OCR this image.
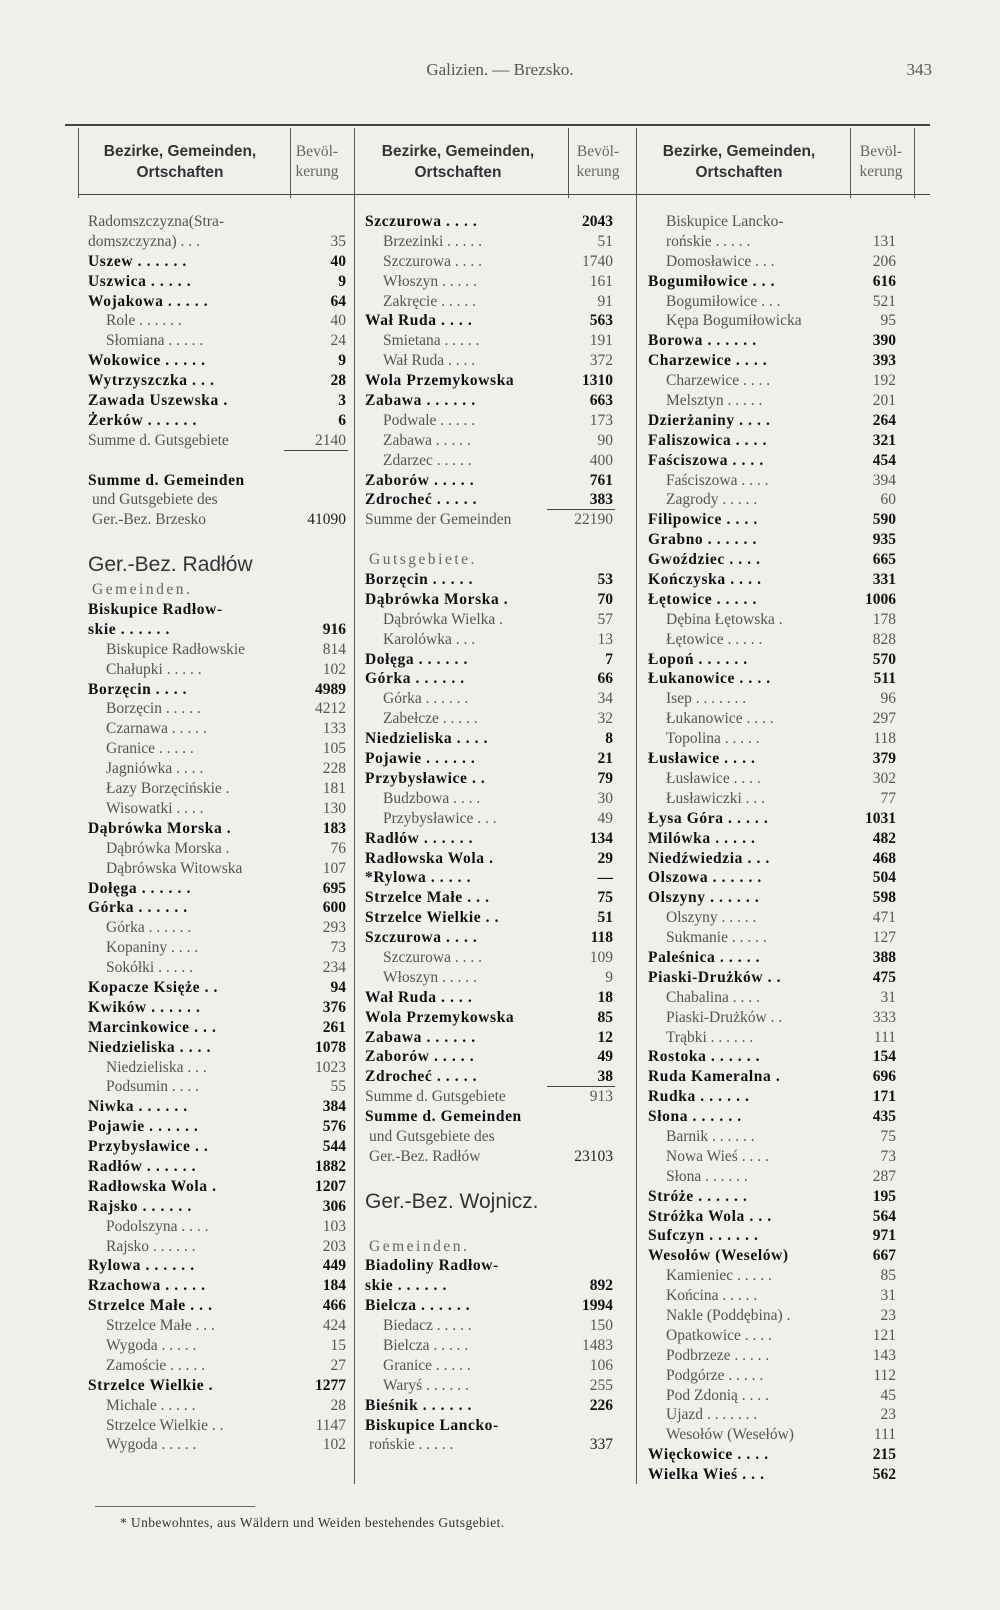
Galizien. — Brezsko.	343
Bezirke, Gemeinden, Ortschaften
Bevöl-kerung
Bezirke, Gemeinden, Ortschaften
Bevöl-kerung
Bezirke, Gemeinden, Ortschaften
Bevöl-kerung
Radomszczyzna(Stra-
domszczyzna) . . .	35
Uszew . . . . . .	40
Uszwica . . . . .	9
Wojakowa . . . . .	64
Role . . . . . .	40
Słomiana . . . . .	24
Wokowice . . . . .	9
Wytrzyszczka . . .	28
Zawada Uszewska .	3
Żerków . . . . . .	6
Summe d. Gutsgebiete	2140
Summe d. Gemeinden
und Gutsgebiete des
Ger.-Bez. Brzesko	41090
Ger.-Bez. Radłów
Gemeinden.
Biskupice Radłow-
skie . . . . . .	916
Biskupice Radłowskie	814
Chałupki . . . . .	102
Borzęcin . . . .	4989
Borzęcin . . . . .	4212
Czarnawa . . . . .	133
Granice . . . . .	105
Jagniówka . . . .	228
Łazy Borzęcińskie .	181
Wisowatki . . . .	130
Dąbrówka Morska .	183
Dąbrówka Morska .	76
Dąbrówska Witowska	107
Dołęga . . . . . .	695
Górka . . . . . .	600
Górka . . . . . .	293
Kopaniny . . . .	73
Sokółki . . . . .	234
Kopacze Księże . .	94
Kwików . . . . . .	376
Marcinkowice . . .	261
Niedzieliska . . . .	1078
Niedzieliska . . .	1023
Podsumin . . . .	55
Niwka . . . . . .	384
Pojawie . . . . . .	576
Przybysławice . .	544
Radłów . . . . . .	1882
Radłowska Wola .	1207
Rajsko . . . . . .	306
Podolszyna . . . .	103
Rajsko . . . . . .	203
Rylowa . . . . . .	449
Rzachowa . . . . .	184
Strzelce Małe . . .	466
Strzelce Małe . . .	424
Wygoda . . . . .	15
Zamoście . . . . .	27
Strzelce Wielkie .	1277
Michale . . . . .	28
Strzelce Wielkie . .	1147
Wygoda . . . . .	102
Szczurowa . . . .	2043
Brzezinki . . . . .	51
Szczurowa . . . .	1740
Włoszyn . . . . .	161
Zakręcie . . . . .	91
Wał Ruda . . . .	563
Smietana . . . . .	191
Wał Ruda . . . .	372
Wola Przemykowska	1310
Zabawa . . . . . .	663
Podwale . . . . .	173
Zabawa . . . . .	90
Zdarzec . . . . .	400
Zaborów . . . . .	761
Zdrocheć . . . . .	383
Summe der Gemeinden	22190
Gutsgebiete.
Borzęcin . . . . .	53
Dąbrówka Morska .	70
Dąbrówka Wielka .	57
Karolówka . . .	13
Dołęga . . . . . .	7
Górka . . . . . .	66
Górka . . . . . .	34
Zabełcze . . . . .	32
Niedzieliska . . . .	8
Pojawie . . . . . .	21
Przybysławice . .	79
Budzbowa . . . .	30
Przybysławice . . .	49
Radłów . . . . . .	134
Radłowska Wola .	29
*Rylowa . . . . .	—
Strzelce Małe . . .	75
Strzelce Wielkie . .	51
Szczurowa . . . .	118
Szczurowa . . . .	109
Włoszyn . . . . .	9
Wał Ruda . . . .	18
Wola Przemykowska	85
Zabawa . . . . . .	12
Zaborów . . . . .	49
Zdrocheć . . . . .	38
Summe d. Gutsgebiete	913
Summe d. Gemeinden
und Gutsgebiete des
Ger.-Bez. Radłów	23103
Ger.-Bez. Wojnicz.
Gemeinden.
Biadoliny Radłow-
skie . . . . . .	892
Bielcza . . . . . .	1994
Biedacz . . . . .	150
Bielcza . . . . .	1483
Granice . . . . .	106
Waryś . . . . . .	255
Bieśnik . . . . . .	226
Biskupice Lancko-
rońskie . . . . .	337
Biskupice Lancko-
rońskie . . . . .	131
Domosławice . . .	206
Bogumiłowice . . .	616
Bogumiłowice . . .	521
Kępa Bogumiłowicka	95
Borowa . . . . . .	390
Charzewice . . . .	393
Charzewice . . . .	192
Melsztyn . . . . .	201
Dzierżaniny . . . .	264
Faliszowica . . . .	321
Faściszowa . . . .	454
Faściszowa . . . .	394
Zagrody . . . . .	60
Filipowice . . . .	590
Grabno . . . . . .	935
Gwoździec . . . .	665
Kończyska . . . .	331
Łętowice . . . . .	1006
Dębina Łętowska .	178
Łętowice . . . . .	828
Łopoń . . . . . .	570
Łukanowice . . . .	511
Isep . . . . . . .	96
Łukanowice . . . .	297
Topolina . . . . .	118
Łusławice . . . .	379
Łusławice . . . .	302
Łusławiczki . . .	77
Łysa Góra . . . . .	1031
Milówka . . . . .	482
Niedźwiedzia . . .	468
Olszowa . . . . . .	504
Olszyny . . . . . .	598
Olszyny . . . . .	471
Sukmanie . . . . .	127
Paleśnica . . . . .	388
Piaski-Drużków . .	475
Chabalina . . . .	31
Piaski-Drużków . .	333
Trąbki . . . . . .	111
Rostoka . . . . . .	154
Ruda Kameralna .	696
Rudka . . . . . .	171
Słona . . . . . .	435
Barnik . . . . . .	75
Nowa Wieś . . . .	73
Słona . . . . . .	287
Stróże . . . . . .	195
Stróżka Wola . . .	564
Sufczyn . . . . . .	971
Wesołów (Weselów)	667
Kamieniec . . . . .	85
Końcina . . . . .	31
Nakle (Poddębina) .	23
Opatkowice . . . .	121
Podbrzeze . . . . .	143
Podgórze . . . . .	112
Pod Zdonią . . . .	45
Ujazd . . . . . . .	23
Wesołów (Wesełów)	111
Więckowice . . . .	215
Wielka Wieś . . .	562
* Unbewohntes, aus Wäldern und Weiden bestehendes Gutsgebiet.
